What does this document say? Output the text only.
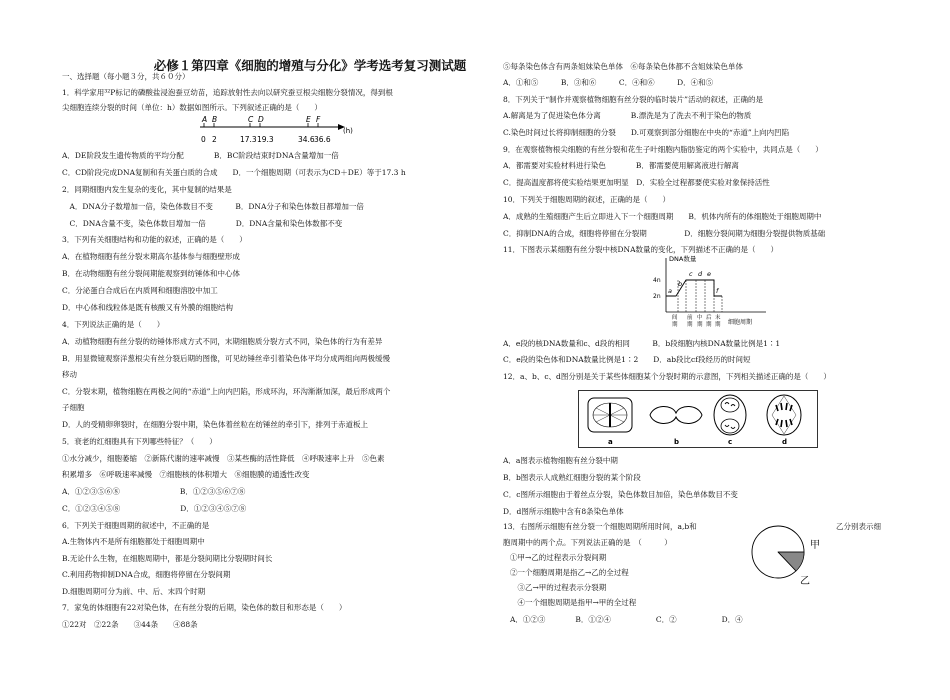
必修１第四章《细胞的增殖与分化》学考选考复习测试题
一、选择题（每小题３分，共６０分）
1．科学家用³²P标记的磷酸盐浸泡蚕豆幼苗，追踪放射性去向以研究蚕豆根尖细胞分裂情况，得到根
尖细胞连续分裂的时间（单位：h）数据如图所示。下列叙述正确的是（　　）
A．DE阶段发生遗传物质的平均分配　　　　B．BC阶段结束时DNA含量增加一倍
C．CD阶段完成DNA复制和有关蛋白质的合成　　D．一个细胞周期（可表示为CD＋DE）等于17.3 h
2．同期细胞内发生复杂的变化，其中复制的结果是
　A．DNA分子数增加一倍，染色体数目不变　　　B．DNA分子和染色体数目都增加一倍
　C．DNA含量不变，染色体数目增加一倍　　　　D．DNA含量和染色体数都不变
3．下列有关细胞结构和功能的叙述，正确的是（　　）
A．在植物细胞有丝分裂末期高尔基体参与细胞壁形成
B．在动物细胞有丝分裂间期能观察到纺锤体和中心体
C．分泌蛋白合成后在内质网和细胞溶胶中加工
D．中心体和线粒体是既有核酸又有外膜的细胞结构
4．下列说法正确的是（　　）
A．动植物细胞有丝分裂的纺锤体形成方式不同，末期细胞质分裂方式不同，染色体的行为有差异
B．用显微镜观察洋葱根尖有丝分裂后期的图像，可见纺锤丝牵引着染色体平均分成两组向两极缓慢
移动
C．分裂末期，植物细胞在两极之间的“赤道”上向内凹陷，形成环沟，环沟渐渐加深，最后形成两个
子细胞
D．人的受精卵卵裂时，在细胞分裂中期，染色体着丝粒在纺锤丝的牵引下，排列于赤道板上
5．衰老的红细胞具有下列哪些特征？（　　）
①水分减少，细胞萎缩　②新陈代谢的速率减慢　③某些酶的活性降低　④呼吸速率上升　⑤色素
积累增多　⑥呼吸速率减慢　⑦细胞核的体积增大　⑧细胞膜的通透性改变
A．①②③⑤⑥⑧　　　　　　　　B．①②③⑤⑥⑦⑧
C．①②③④⑤⑧　　　　　　　　D．①②③④⑤⑦⑧
6．下列关于细胞周期的叙述中，不正确的是
A.生物体内不是所有细胞都处于细胞周期中
B.无论什么生物，在细胞周期中，都是分裂间期比分裂期时间长
C.利用药物抑制DNA合成，细胞将停留在分裂间期
D.细胞周期可分为前、中、后、末四个时期
7．家兔的体细胞有22对染色体，在有丝分裂的后期，染色体的数目和形态是（　　）
①22对　②22条　　③44条　　④88条
A B	C D	E F
0 2	17.3 19.3	34.6 36.6
(h)
⑤每条染色体含有两条姐妹染色单体　⑥每条染色体都不含姐妹染色单体
A．①和⑤　　　B．③和⑥　　　C．④和⑥　　　D．④和⑤
8．下列关于“制作并观察植物细胞有丝分裂的临时装片”活动的叙述，正确的是
A.解离是为了促进染色体分离　　　　B.漂洗是为了洗去不利于染色的物质
C.染色时间过长将抑制细胞的分裂　　D.可观察到部分细胞在中央的“赤道”上向内凹陷
9．在观察植物根尖细胞的有丝分裂和花生子叶细胞内脂肪鉴定的两个实验中，共同点是（　　）
A．都需要对实验材料进行染色　　　　B．都需要使用解离液进行解离
C．提高温度都将使实验结果更加明显　D．实验全过程都要使实验对象保持活性
10．下列关于细胞周期的叙述，正确的是（　　）
A．成熟的生殖细胞产生后立即进入下一个细胞周期　　B．机体内所有的体细胞处于细胞周期中
C．抑制DNA的合成，细胞将停留在分裂期　　　　　D．细胞分裂间期为细胞分裂提供物质基础
11．下图表示某细胞有丝分裂中核DNA数量的变化，下列描述不正确的是（　　）
A．e段的核DNA数量和c、d段的相同　　　B．b段细胞内核DNA数量比例是1∶1
C．e段的染色体和DNA数量比例是1∶2　　D．ab段比cf段经历的时间短
12．a、b、c、d图分别是关于某些体细胞某个分裂时期的示意图，下列相关描述正确的是（　　）
A．a图表示植物细胞有丝分裂中期
B．b图表示人成熟红细胞分裂的某个阶段
C．c图所示细胞由于着丝点分裂，染色体数目加倍，染色单体数目不变
D．d图所示细胞中含有8条染色单体
DNA数量
4n
2n
a
b
c d e
f
间
期
前
期
中
期
后
期
末
期 细胞周期
a	b	c	d
甲
乙
13．右图所示细胞有丝分裂一个细胞周期所用时间，a,b和	乙分别表示细
胞周期中的两个点。下列说法正确的是　（　　　）
①甲→乙的过程表示分裂间期
②一个细胞周期是指乙→乙的全过程
　③乙→甲的过程表示分裂期
　④一个细胞周期是指甲→甲的全过程
A．①②③　　　　B．①②④　　　　　　C．②　　　　　　D．④
